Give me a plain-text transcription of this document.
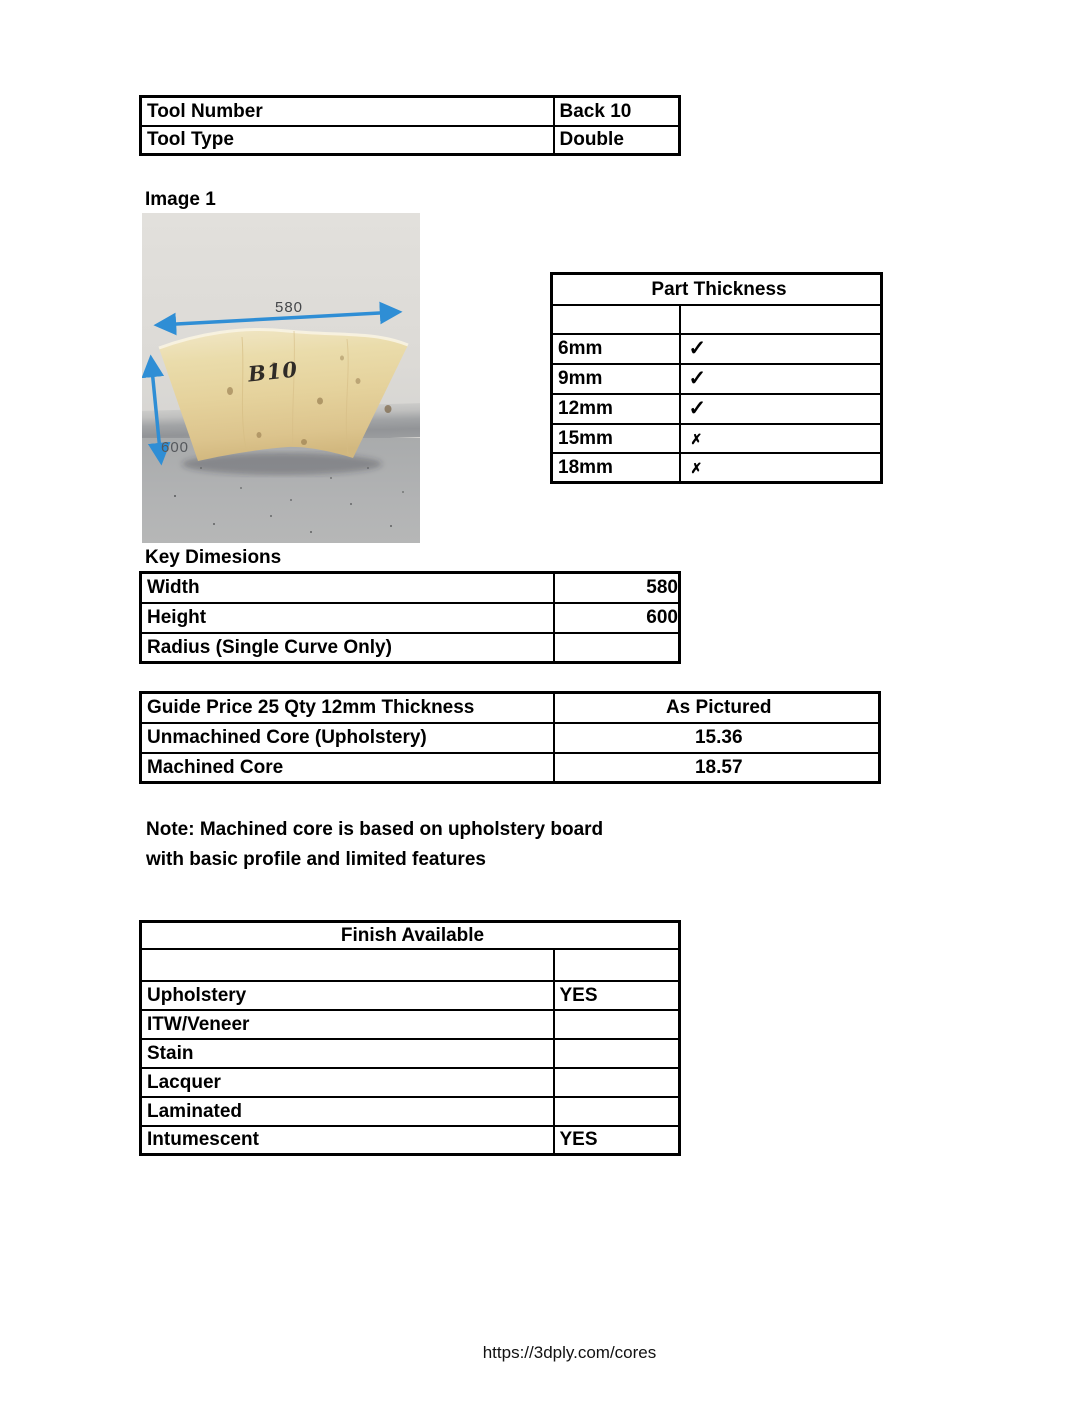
Tool Number	Back 10
Tool Type	Double
Image 1
580
600
B10
Part Thickness	

6mm	✓
9mm	✓
12mm	✓
15mm	✗
18mm	✗
Key Dimesions
Width	580
Height	600
Radius (Single Curve Only)	
Guide Price 25 Qty 12mm Thickness	As Pictured
Unmachined Core (Upholstery)	15.36
Machined Core	18.57
Note: Machined core is based on upholstery board
with basic profile and limited features
Finish Available	

Upholstery	YES
ITW/Veneer	
Stain	
Lacquer	
Laminated	
Intumescent	YES
https://3dply.com/cores
